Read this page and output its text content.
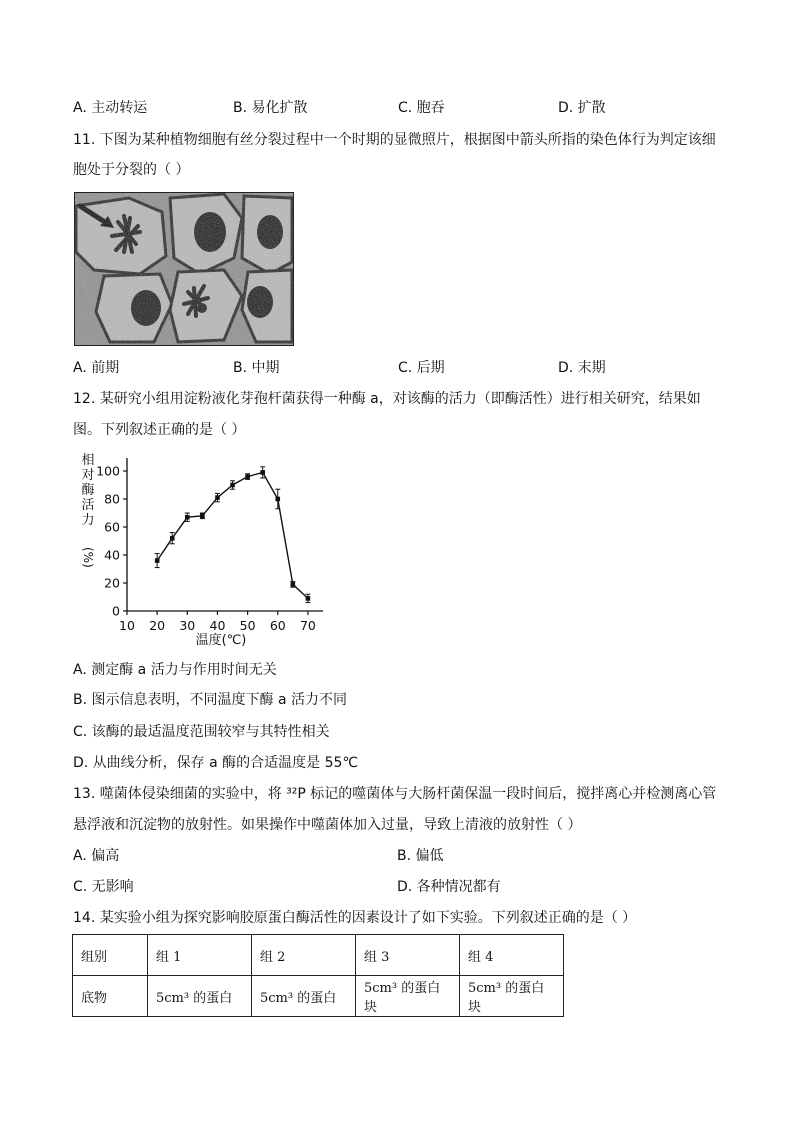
A. 主动转运	B. 易化扩散	C. 胞吞	D. 扩散
11. 下图为某种植物细胞有丝分裂过程中一个时期的显微照片，根据图中箭头所指的染色体行为判定该细
胞处于分裂的（ ）
A. 前期	B. 中期	C. 后期	D. 末期
12. 某研究小组用淀粉液化芽孢杆菌获得一种酶 a，对该酶的活力（即酶活性）进行相关研究，结果如
图。下列叙述正确的是（ ）
相
对
酶
活
力
(%)
0
20
40
60
80
100
10 20 30 40 50 60 70
温度(℃)
A. 测定酶 a 活力与作用时间无关
B. 图示信息表明，不同温度下酶 a 活力不同
C. 该酶的最适温度范围较窄与其特性相关
D. 从曲线分析，保存 a 酶的合适温度是 55℃
13. 噬菌体侵染细菌的实验中，将 ³²P 标记的噬菌体与大肠杆菌保温一段时间后，搅拌离心并检测离心管
悬浮液和沉淀物的放射性。如果操作中噬菌体加入过量，导致上清液的放射性（ ）
A. 偏高	B. 偏低
C. 无影响	D. 各种情况都有
14. 某实验小组为探究影响胶原蛋白酶活性的因素设计了如下实验。下列叙述正确的是（ ）
组别	组 1	组 2	组 3	组 4
底物	5cm³ 的蛋白	5cm³ 的蛋白	5cm³ 的蛋白块	5cm³ 的蛋白块
